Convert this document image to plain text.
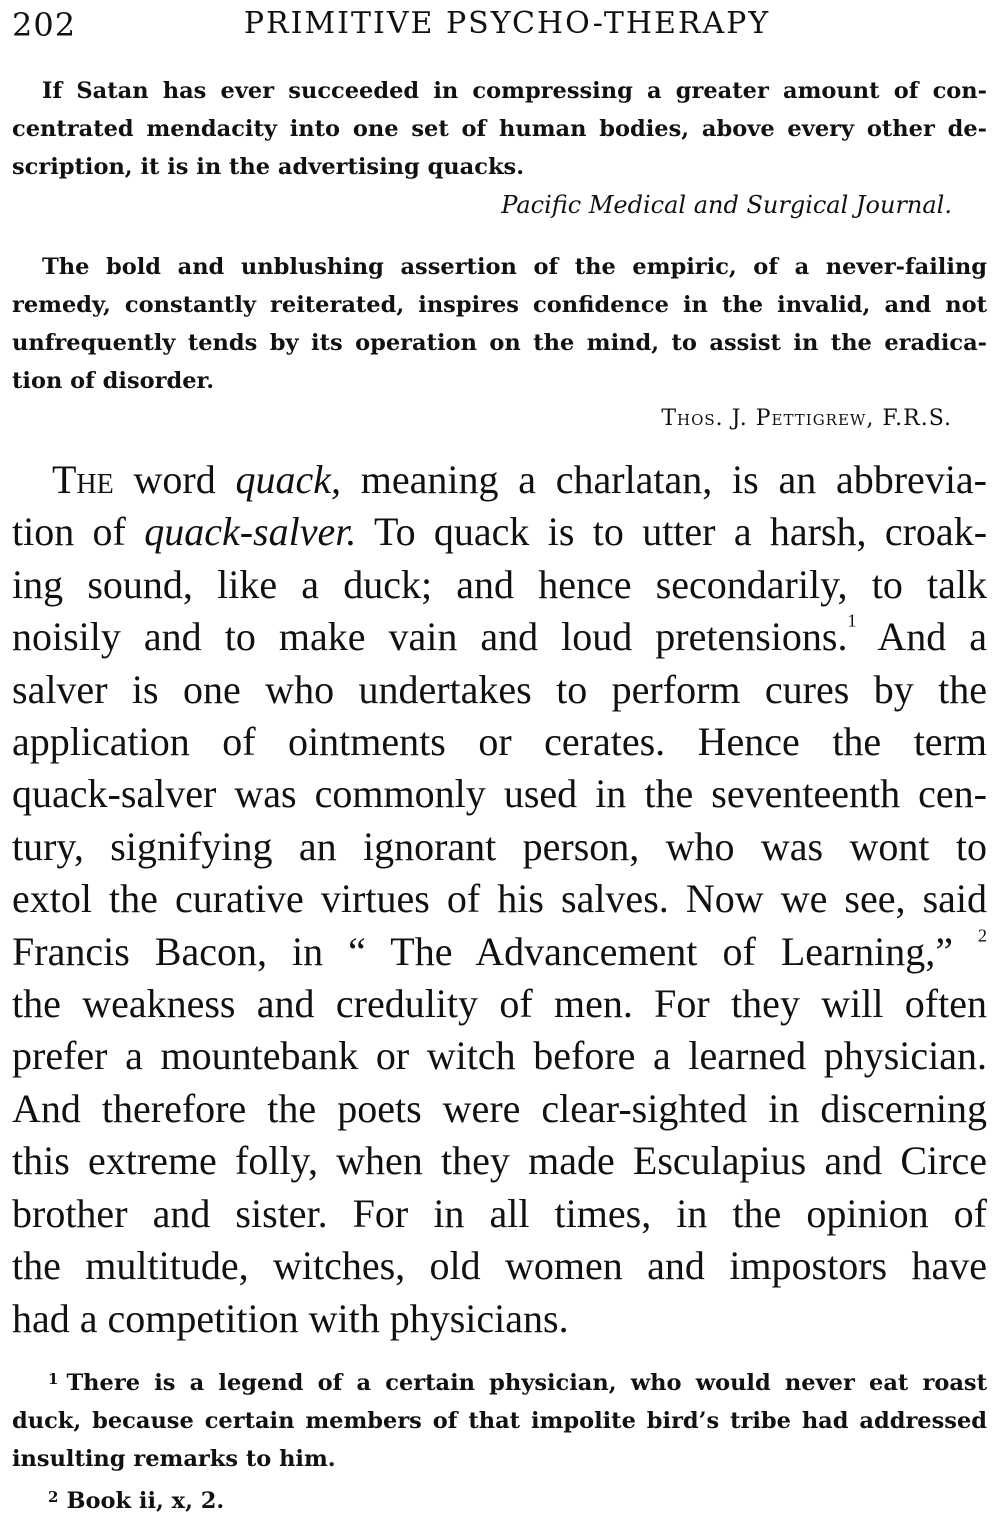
202	PRIMITIVE PSYCHO-THERAPY
If Satan has ever succeeded in compressing a greater amount of con-
centrated mendacity into one set of human bodies, above every other de-
scription, it is in the advertising quacks.
Pacific Medical and Surgical Journal.
The bold and unblushing assertion of the empiric, of a never-failing
remedy, constantly reiterated, inspires confidence in the invalid, and not
unfrequently tends by its operation on the mind, to assist in the eradica-
tion of disorder.
Thos. J. Pettigrew, F.R.S.
The word quack, meaning a charlatan, is an abbrevia-
tion of quack-salver. To quack is to utter a harsh, croak-
ing sound, like a duck; and hence secondarily, to talk
noisily and to make vain and loud pretensions.$^1$ And a
salver is one who undertakes to perform cures by the
application of ointments or cerates. Hence the term
quack-salver was commonly used in the seventeenth cen-
tury, signifying an ignorant person, who was wont to
extol the curative virtues of his salves. Now we see, said
Francis Bacon, in “ The Advancement of Learning,” $^2$
the weakness and credulity of men. For they will often
prefer a mountebank or witch before a learned physician.
And therefore the poets were clear-sighted in discerning
this extreme folly, when they made Esculapius and Circe
brother and sister. For in all times, in the opinion of
the multitude, witches, old women and impostors have
had a competition with physicians.
$^1$ There is a legend of a certain physician, who would never eat roast
duck, because certain members of that impolite bird’s tribe had addressed
insulting remarks to him.
$^2$ Book ii, x, 2.
